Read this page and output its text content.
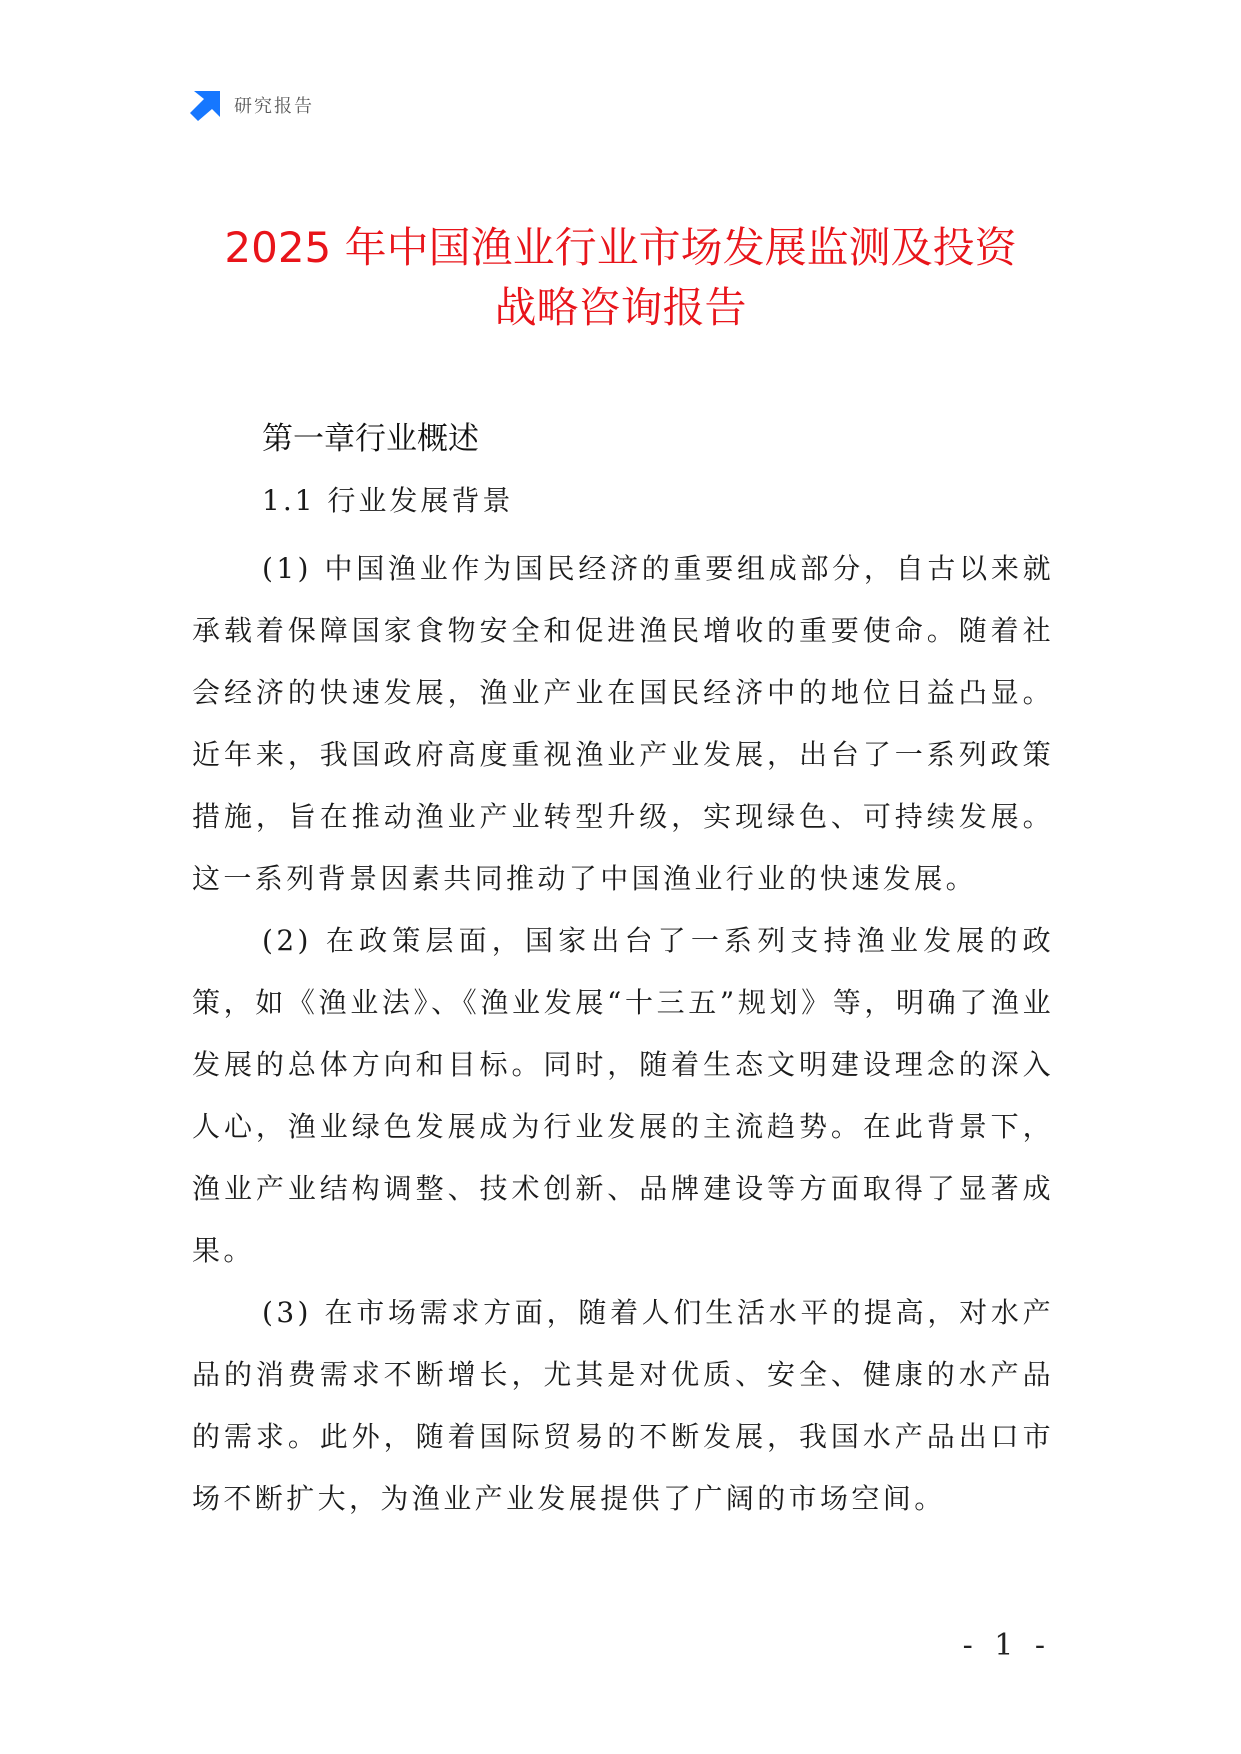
研究报告
2025 年中国渔业行业市场发展监测及投资
战略咨询报告
第一章行业概述
1.1 行业发展背景

(1) 中国渔业作为国民经济的重要组成部分，自古以来就承载着保障国家食物安全和促进渔民增收的重要使命。随着社会经济的快速发展，渔业产业在国民经济中的地位日益凸显。近年来，我国政府高度重视渔业产业发展，出台了一系列政策措施，旨在推动渔业产业转型升级，实现绿色、可持续发展。这一系列背景因素共同推动了中国渔业行业的快速发展。

(2) 在政策层面，国家出台了一系列支持渔业发展的政策，如《渔业法》、《渔业发展“十三五”规划》等，明确了渔业发展的总体方向和目标。同时，随着生态文明建设理念的深入人心，渔业绿色发展成为行业发展的主流趋势。在此背景下，渔业产业结构调整、技术创新、品牌建设等方面取得了显著成果。

(3) 在市场需求方面，随着人们生活水平的提高，对水产品的消费需求不断增长，尤其是对优质、安全、健康的水产品的需求。此外，随着国际贸易的不断发展，我国水产品出口市场不断扩大，为渔业产业发展提供了广阔的市场空间。

- 1 -
